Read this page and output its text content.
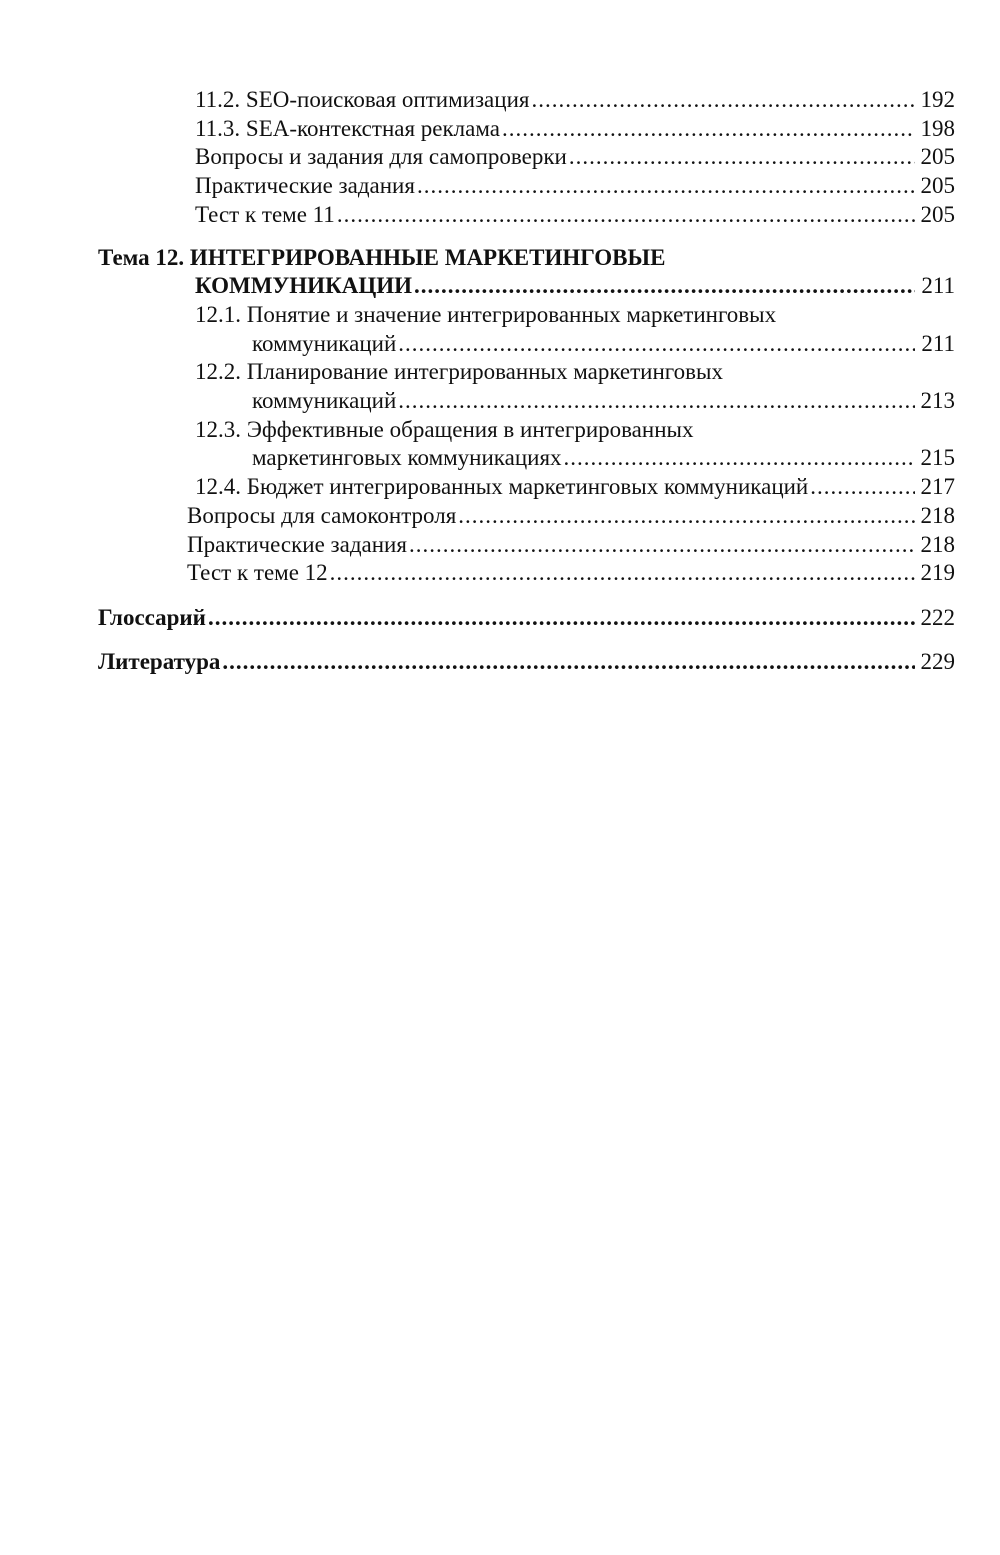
11.2. SEO-поисковая оптимизация .....	192
11.3. SEA-контекстная реклама .....	198
Вопросы и задания для самопроверки .....	205
Практические задания .....	205
Тест к теме 11 .....	205
Тема 12. ИНТЕГРИРОВАННЫЕ МАРКЕТИНГОВЫЕ
КОММУНИКАЦИИ .....	211
12.1. Понятие и значение интегрированных маркетинговых
коммуникаций .....	211
12.2. Планирование интегрированных маркетинговых
коммуникаций .....	213
12.3. Эффективные обращения в интегрированных
маркетинговых коммуникациях .....	215
12.4. Бюджет интегрированных маркетинговых коммуникаций .....	217
Вопросы для самоконтроля .....	218
Практические задания .....	218
Тест к теме 12 .....	219
Глоссарий .....	222
Литература .....	229
